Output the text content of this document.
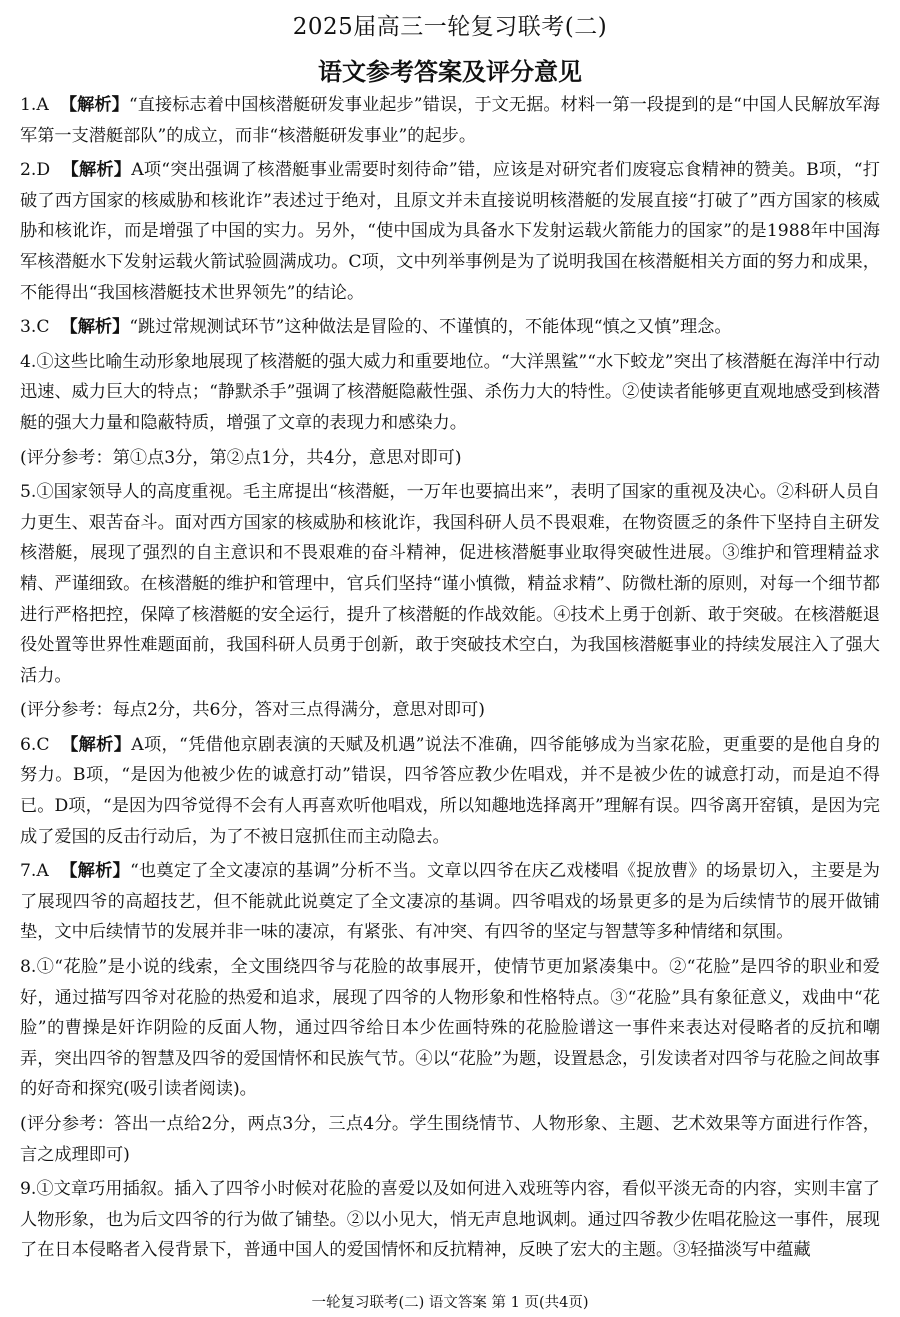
2025届高三一轮复习联考(二)
语文参考答案及评分意见

1.A 【解析】“直接标志着中国核潜艇研发事业起步”错误，于文无据。材料一第一段提到的是“中国人民解放军海军第一支潜艇部队”的成立，而非“核潜艇研发事业”的起步。

2.D 【解析】A项“突出强调了核潜艇事业需要时刻待命”错，应该是对研究者们废寝忘食精神的赞美。B项，“打破了西方国家的核威胁和核讹诈”表述过于绝对，且原文并未直接说明核潜艇的发展直接“打破了”西方国家的核威胁和核讹诈，而是增强了中国的实力。另外，“使中国成为具备水下发射运载火箭能力的国家”的是1988年中国海军核潜艇水下发射运载火箭试验圆满成功。C项，文中列举事例是为了说明我国在核潜艇相关方面的努力和成果，不能得出“我国核潜艇技术世界领先”的结论。

3.C 【解析】“跳过常规测试环节”这种做法是冒险的、不谨慎的，不能体现“慎之又慎”理念。

4.①这些比喻生动形象地展现了核潜艇的强大威力和重要地位。“大洋黑鲨”“水下蛟龙”突出了核潜艇在海洋中行动迅速、威力巨大的特点；“静默杀手”强调了核潜艇隐蔽性强、杀伤力大的特性。②使读者能够更直观地感受到核潜艇的强大力量和隐蔽特质，增强了文章的表现力和感染力。

(评分参考：第①点3分，第②点1分，共4分，意思对即可)

5.①国家领导人的高度重视。毛主席提出“核潜艇，一万年也要搞出来”，表明了国家的重视及决心。②科研人员自力更生、艰苦奋斗。面对西方国家的核威胁和核讹诈，我国科研人员不畏艰难，在物资匮乏的条件下坚持自主研发核潜艇，展现了强烈的自主意识和不畏艰难的奋斗精神，促进核潜艇事业取得突破性进展。③维护和管理精益求精、严谨细致。在核潜艇的维护和管理中，官兵们坚持“谨小慎微，精益求精”、防微杜渐的原则，对每一个细节都进行严格把控，保障了核潜艇的安全运行，提升了核潜艇的作战效能。④技术上勇于创新、敢于突破。在核潜艇退役处置等世界性难题面前，我国科研人员勇于创新，敢于突破技术空白，为我国核潜艇事业的持续发展注入了强大活力。

(评分参考：每点2分，共6分，答对三点得满分，意思对即可)

6.C 【解析】A项，“凭借他京剧表演的天赋及机遇”说法不准确，四爷能够成为当家花脸，更重要的是他自身的努力。B项，“是因为他被少佐的诚意打动”错误，四爷答应教少佐唱戏，并不是被少佐的诚意打动，而是迫不得已。D项，“是因为四爷觉得不会有人再喜欢听他唱戏，所以知趣地选择离开”理解有误。四爷离开窑镇，是因为完成了爱国的反击行动后，为了不被日寇抓住而主动隐去。

7.A 【解析】“也奠定了全文凄凉的基调”分析不当。文章以四爷在庆乙戏楼唱《捉放曹》的场景切入，主要是为了展现四爷的高超技艺，但不能就此说奠定了全文凄凉的基调。四爷唱戏的场景更多的是为后续情节的展开做铺垫，文中后续情节的发展并非一味的凄凉，有紧张、有冲突、有四爷的坚定与智慧等多种情绪和氛围。

8.①“花脸”是小说的线索，全文围绕四爷与花脸的故事展开，使情节更加紧凑集中。②“花脸”是四爷的职业和爱好，通过描写四爷对花脸的热爱和追求，展现了四爷的人物形象和性格特点。③“花脸”具有象征意义，戏曲中“花脸”的曹操是奸诈阴险的反面人物，通过四爷给日本少佐画特殊的花脸脸谱这一事件来表达对侵略者的反抗和嘲弄，突出四爷的智慧及四爷的爱国情怀和民族气节。④以“花脸”为题，设置悬念，引发读者对四爷与花脸之间故事的好奇和探究(吸引读者阅读)。

(评分参考：答出一点给2分，两点3分，三点4分。学生围绕情节、人物形象、主题、艺术效果等方面进行作答，言之成理即可)

9.①文章巧用插叙。插入了四爷小时候对花脸的喜爱以及如何进入戏班等内容，看似平淡无奇的内容，实则丰富了人物形象，也为后文四爷的行为做了铺垫。②以小见大，悄无声息地讽刺。通过四爷教少佐唱花脸这一事件，展现了在日本侵略者入侵背景下，普通中国人的爱国情怀和反抗精神，反映了宏大的主题。③轻描淡写中蕴藏

一轮复习联考(二) 语文答案 第 1 页(共4页)
